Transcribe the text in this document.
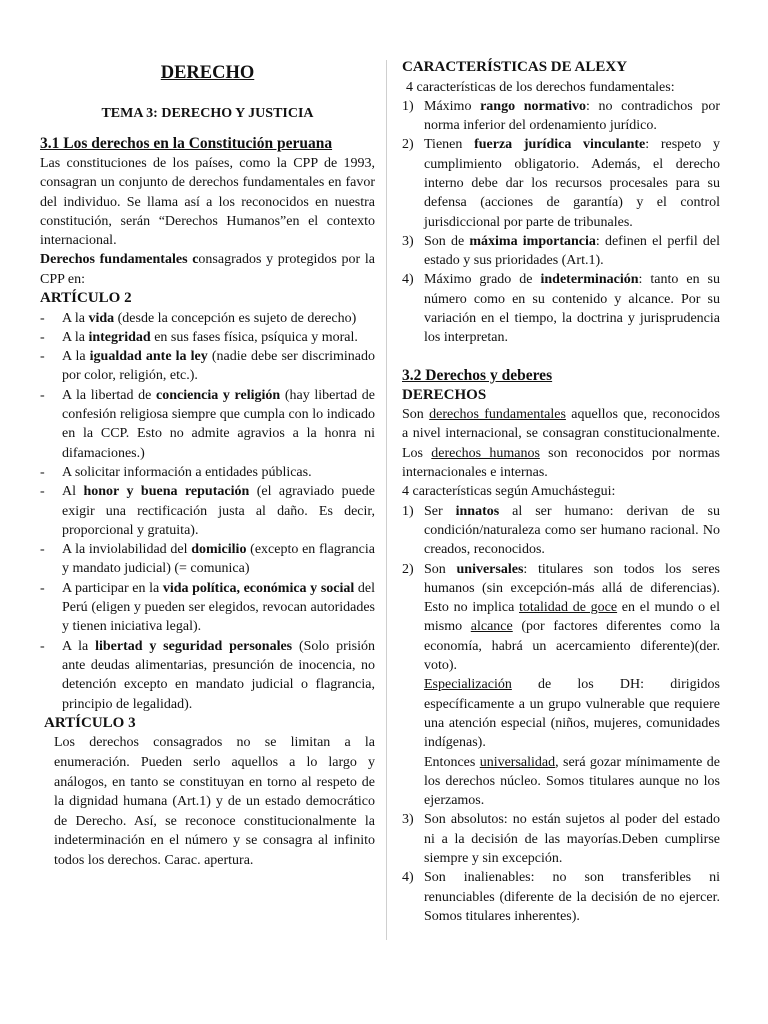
DERECHO

TEMA 3: DERECHO Y JUSTICIA

3.1 Los derechos en la Constitución peruana

Las constituciones de los países, como la CPP de 1993, consagran un conjunto de derechos fundamentales en favor del individuo. Se llama así a los reconocidos en nuestra constitución, serán “Derechos Humanos”en el contexto internacional.

Derechos fundamentales consagrados y protegidos por la CPP en:

ARTÍCULO 2

- A la vida (desde la concepción es sujeto de derecho)
- A la integridad en sus fases física, psíquica y moral.
- A la igualdad ante la ley (nadie debe ser discriminado por color, religión, etc.).
- A la libertad de conciencia y religión (hay libertad de confesión religiosa siempre que cumpla con lo indicado en la CCP. Esto no admite agravios a la honra ni difamaciones.)
- A solicitar información a entidades públicas.
- Al honor y buena reputación (el agraviado puede exigir una rectificación justa al daño. Es decir, proporcional y gratuita).
- A la inviolabilidad del domicilio (excepto en flagrancia y mandato judicial) (= comunica)
- A participar en la vida política, económica y social del Perú (eligen y pueden ser elegidos, revocan autoridades y tienen iniciativa legal).
- A la libertad y seguridad personales (Solo prisión ante deudas alimentarias, presunción de inocencia, no detención excepto en mandato judicial o flagrancia, principio de legalidad).

ARTÍCULO 3

Los derechos consagrados no se limitan a la enumeración. Pueden serlo aquellos a lo largo y análogos, en tanto se constituyan en torno al respeto de la dignidad humana (Art.1) y de un estado democrático de Derecho. Así, se reconoce constitucionalmente la indeterminación en el número y se consagra al infinito todos los derechos. Carac. apertura.

CARACTERÍSTICAS DE ALEXY

4 características de los derechos fundamentales:

1) Máximo rango normativo: no contradichos por norma inferior del ordenamiento jurídico.
2) Tienen fuerza jurídica vinculante: respeto y cumplimiento obligatorio. Además, el derecho interno debe dar los recursos procesales para su defensa (acciones de garantía) y el control jurisdiccional por parte de tribunales.
3) Son de máxima importancia: definen el perfil del estado y sus prioridades (Art.1).
4) Máximo grado de indeterminación: tanto en su número como en su contenido y alcance. Por su variación en el tiempo, la doctrina y jurisprudencia los interpretan.

3.2 Derechos y deberes

DERECHOS

Son derechos fundamentales aquellos que, reconocidos a nivel internacional, se consagran constitucionalmente. Los derechos humanos son reconocidos por normas internacionales e internas.

4 características según Amuchástegui:

1) Ser innatos al ser humano: derivan de su condición/naturaleza como ser humano racional. No creados, reconocidos.
2) Son universales: titulares son todos los seres humanos (sin excepción-más allá de diferencias). Esto no implica totalidad de goce en el mundo o el mismo alcance (por factores diferentes como la economía, habrá un acercamiento diferente)(der. voto).

Especialización de los DH: dirigidos específicamente a un grupo vulnerable que requiere una atención especial (niños, mujeres, comunidades indígenas).

Entonces universalidad, será gozar mínimamente de los derechos núcleo. Somos titulares aunque no los ejerzamos.

3) Son absolutos: no están sujetos al poder del estado ni a la decisión de las mayorías.Deben cumplirse siempre y sin excepción.
4) Son inalienables: no son transferibles ni renunciables (diferente de la decisión de no ejercer. Somos titulares inherentes).
